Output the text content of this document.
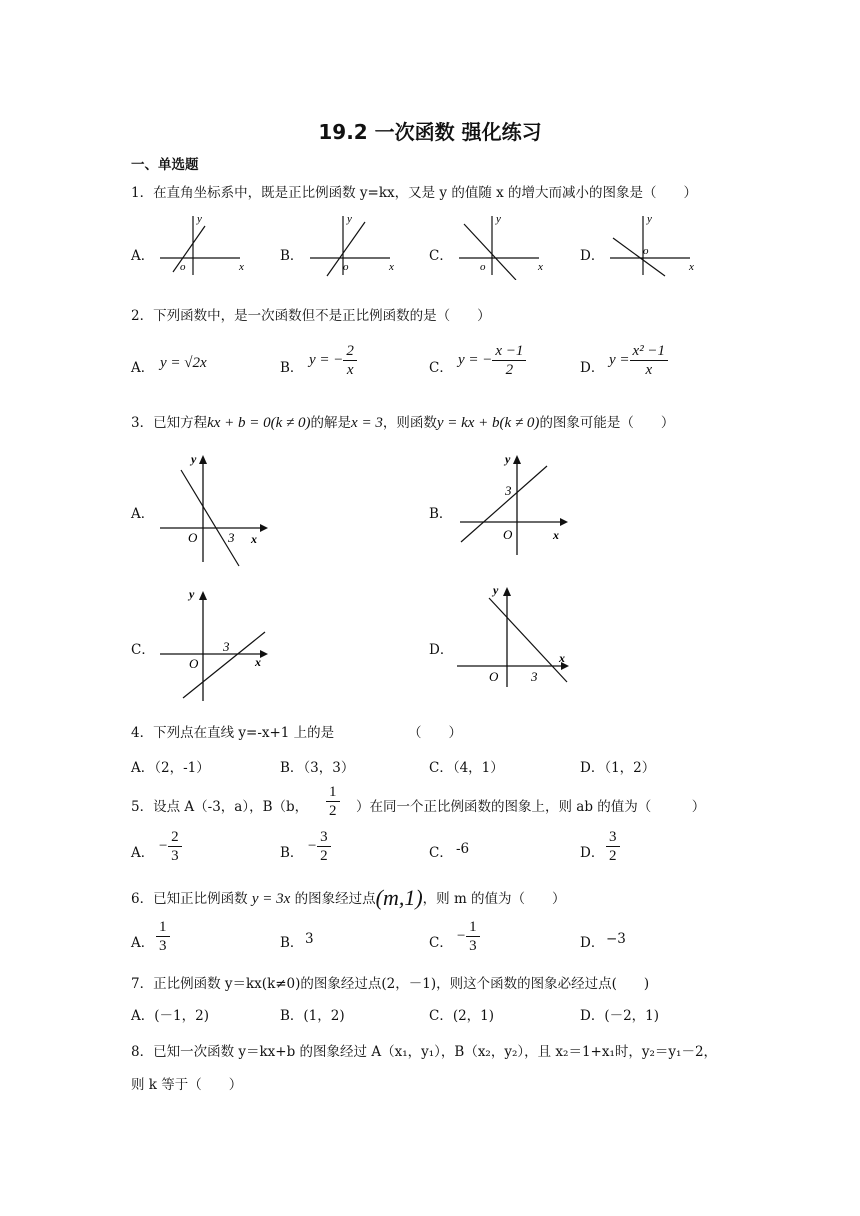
19.2 一次函数 强化练习
一、单选题
1．在直角坐标系中，既是正比例函数 y=kx，又是 y 的值随 x 的增大而减小的图象是（　　）
A．	B．	C．	D．
y
x
o
y
x
o
y
x
o
y
x
o
2．下列函数中，是一次函数但不是正比例函数的是（　　）
A． y = √2x	B． y = − $\frac{2}{x}$	C． y = − $\frac{x -1}{2}$	D． $y = \frac{\text{x² −1}}{x}$
3．已知方程kx + b = 0(k ≠ 0)的解是x = 3，则函数y = kx + b(k ≠ 0)的图象可能是（　　）
A．
y
x
O 3
B．
y
x
O
3
C．
y
x
O
3	D．
y
x
O	3
4．下列点在直线 y=-x+1 上的是	（　　）
A．（2，-1）	B．（3，3）	C．（4，1）	D．（1，2）
5．设点 A（-3，a），B（b， $\frac{1}{2}$ ）在同一个正比例函数的图象上，则 ab 的值为（　　　）
A． − $\frac{2}{3}$	B． − $\frac{3}{2}$	C． -6	D． $\frac{3}{2}$
6．已知正比例函数 y = 3x 的图象经过点(m,1)，则 m 的值为（　　）
A． $\frac{1}{3}$	B． 3	C． − $\frac{1}{3}$	D． −3
7．正比例函数 y＝kx(k≠0)的图象经过点(2，－1)，则这个函数的图象必经过点(　　)
A．(－1，2)	B．(1，2)	C．(2，1)	D．(－2，1)
8．已知一次函数 y＝kx+b 的图象经过 A（x₁，y₁），B（x₂，y₂），且 x₂＝1+x₁时，y₂＝y₁－2，
则 k 等于（　　）
